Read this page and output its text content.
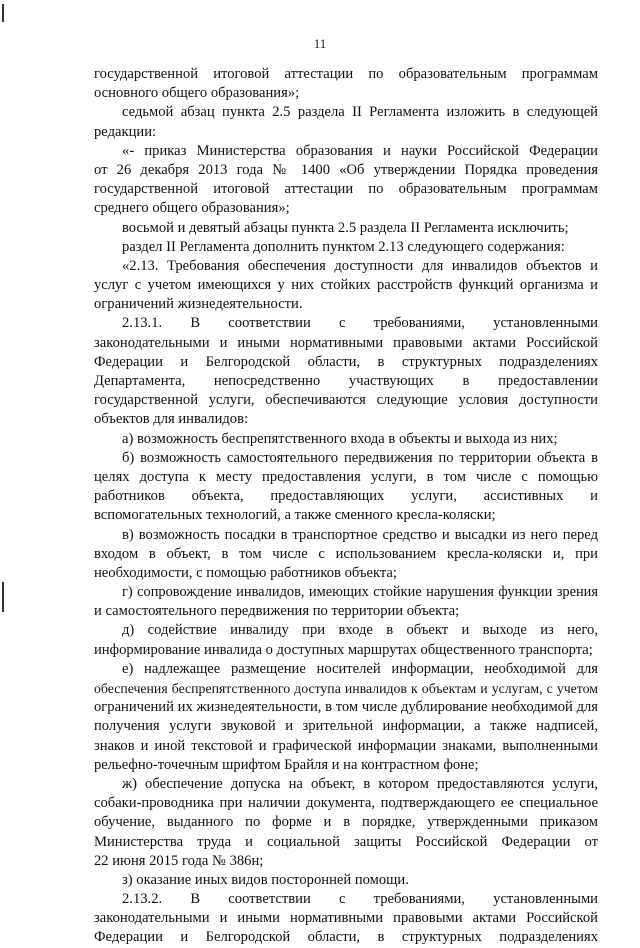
11
государственной итоговой аттестации по образовательным программам
основного общего образования»;
седьмой абзац пункта 2.5 раздела II Регламента изложить в следующей
редакции:
«- приказ Министерства образования и науки Российской Федерации
от 26 декабря 2013 года № 1400 «Об утверждении Порядка проведения
государственной итоговой аттестации по образовательным программам
среднего общего образования»;
восьмой и девятый абзацы пункта 2.5 раздела II Регламента исключить;
раздел II Регламента дополнить пунктом 2.13 следующего содержания:
«2.13. Требования обеспечения доступности для инвалидов объектов и
услуг с учетом имеющихся у них стойких расстройств функций организма и
ограничений жизнедеятельности.
2.13.1. В соответствии с требованиями, установленными
законодательными и иными нормативными правовыми актами Российской
Федерации и Белгородской области, в структурных подразделениях
Департамента, непосредственно участвующих в предоставлении
государственной услуги, обеспечиваются следующие условия доступности
объектов для инвалидов:
а) возможность беспрепятственного входа в объекты и выхода из них;
б) возможность самостоятельного передвижения по территории объекта в
целях доступа к месту предоставления услуги, в том числе с помощью
работников объекта, предоставляющих услуги, ассистивных и
вспомогательных технологий, а также сменного кресла-коляски;
в) возможность посадки в транспортное средство и высадки из него перед
входом в объект, в том числе с использованием кресла-коляски и, при
необходимости, с помощью работников объекта;
г) сопровождение инвалидов, имеющих стойкие нарушения функции зрения
и самостоятельного передвижения по территории объекта;
д) содействие инвалиду при входе в объект и выходе из него,
информирование инвалида о доступных маршрутах общественного транспорта;
е) надлежащее размещение носителей информации, необходимой для
обеспечения беспрепятственного доступа инвалидов к объектам и услугам, с учетом
ограничений их жизнедеятельности, в том числе дублирование необходимой для
получения услуги звуковой и зрительной информации, а также надписей,
знаков и иной текстовой и графической информации знаками, выполненными
рельефно-точечным шрифтом Брайля и на контрастном фоне;
ж) обеспечение допуска на объект, в котором предоставляются услуги,
собаки-проводника при наличии документа, подтверждающего ее специальное
обучение, выданного по форме и в порядке, утвержденными приказом
Министерства труда и социальной защиты Российской Федерации от
22 июня 2015 года № 386н;
з) оказание иных видов посторонней помощи.
2.13.2. В соответствии с требованиями, установленными
законодательными и иными нормативными правовыми актами Российской
Федерации и Белгородской области, в структурных подразделениях
